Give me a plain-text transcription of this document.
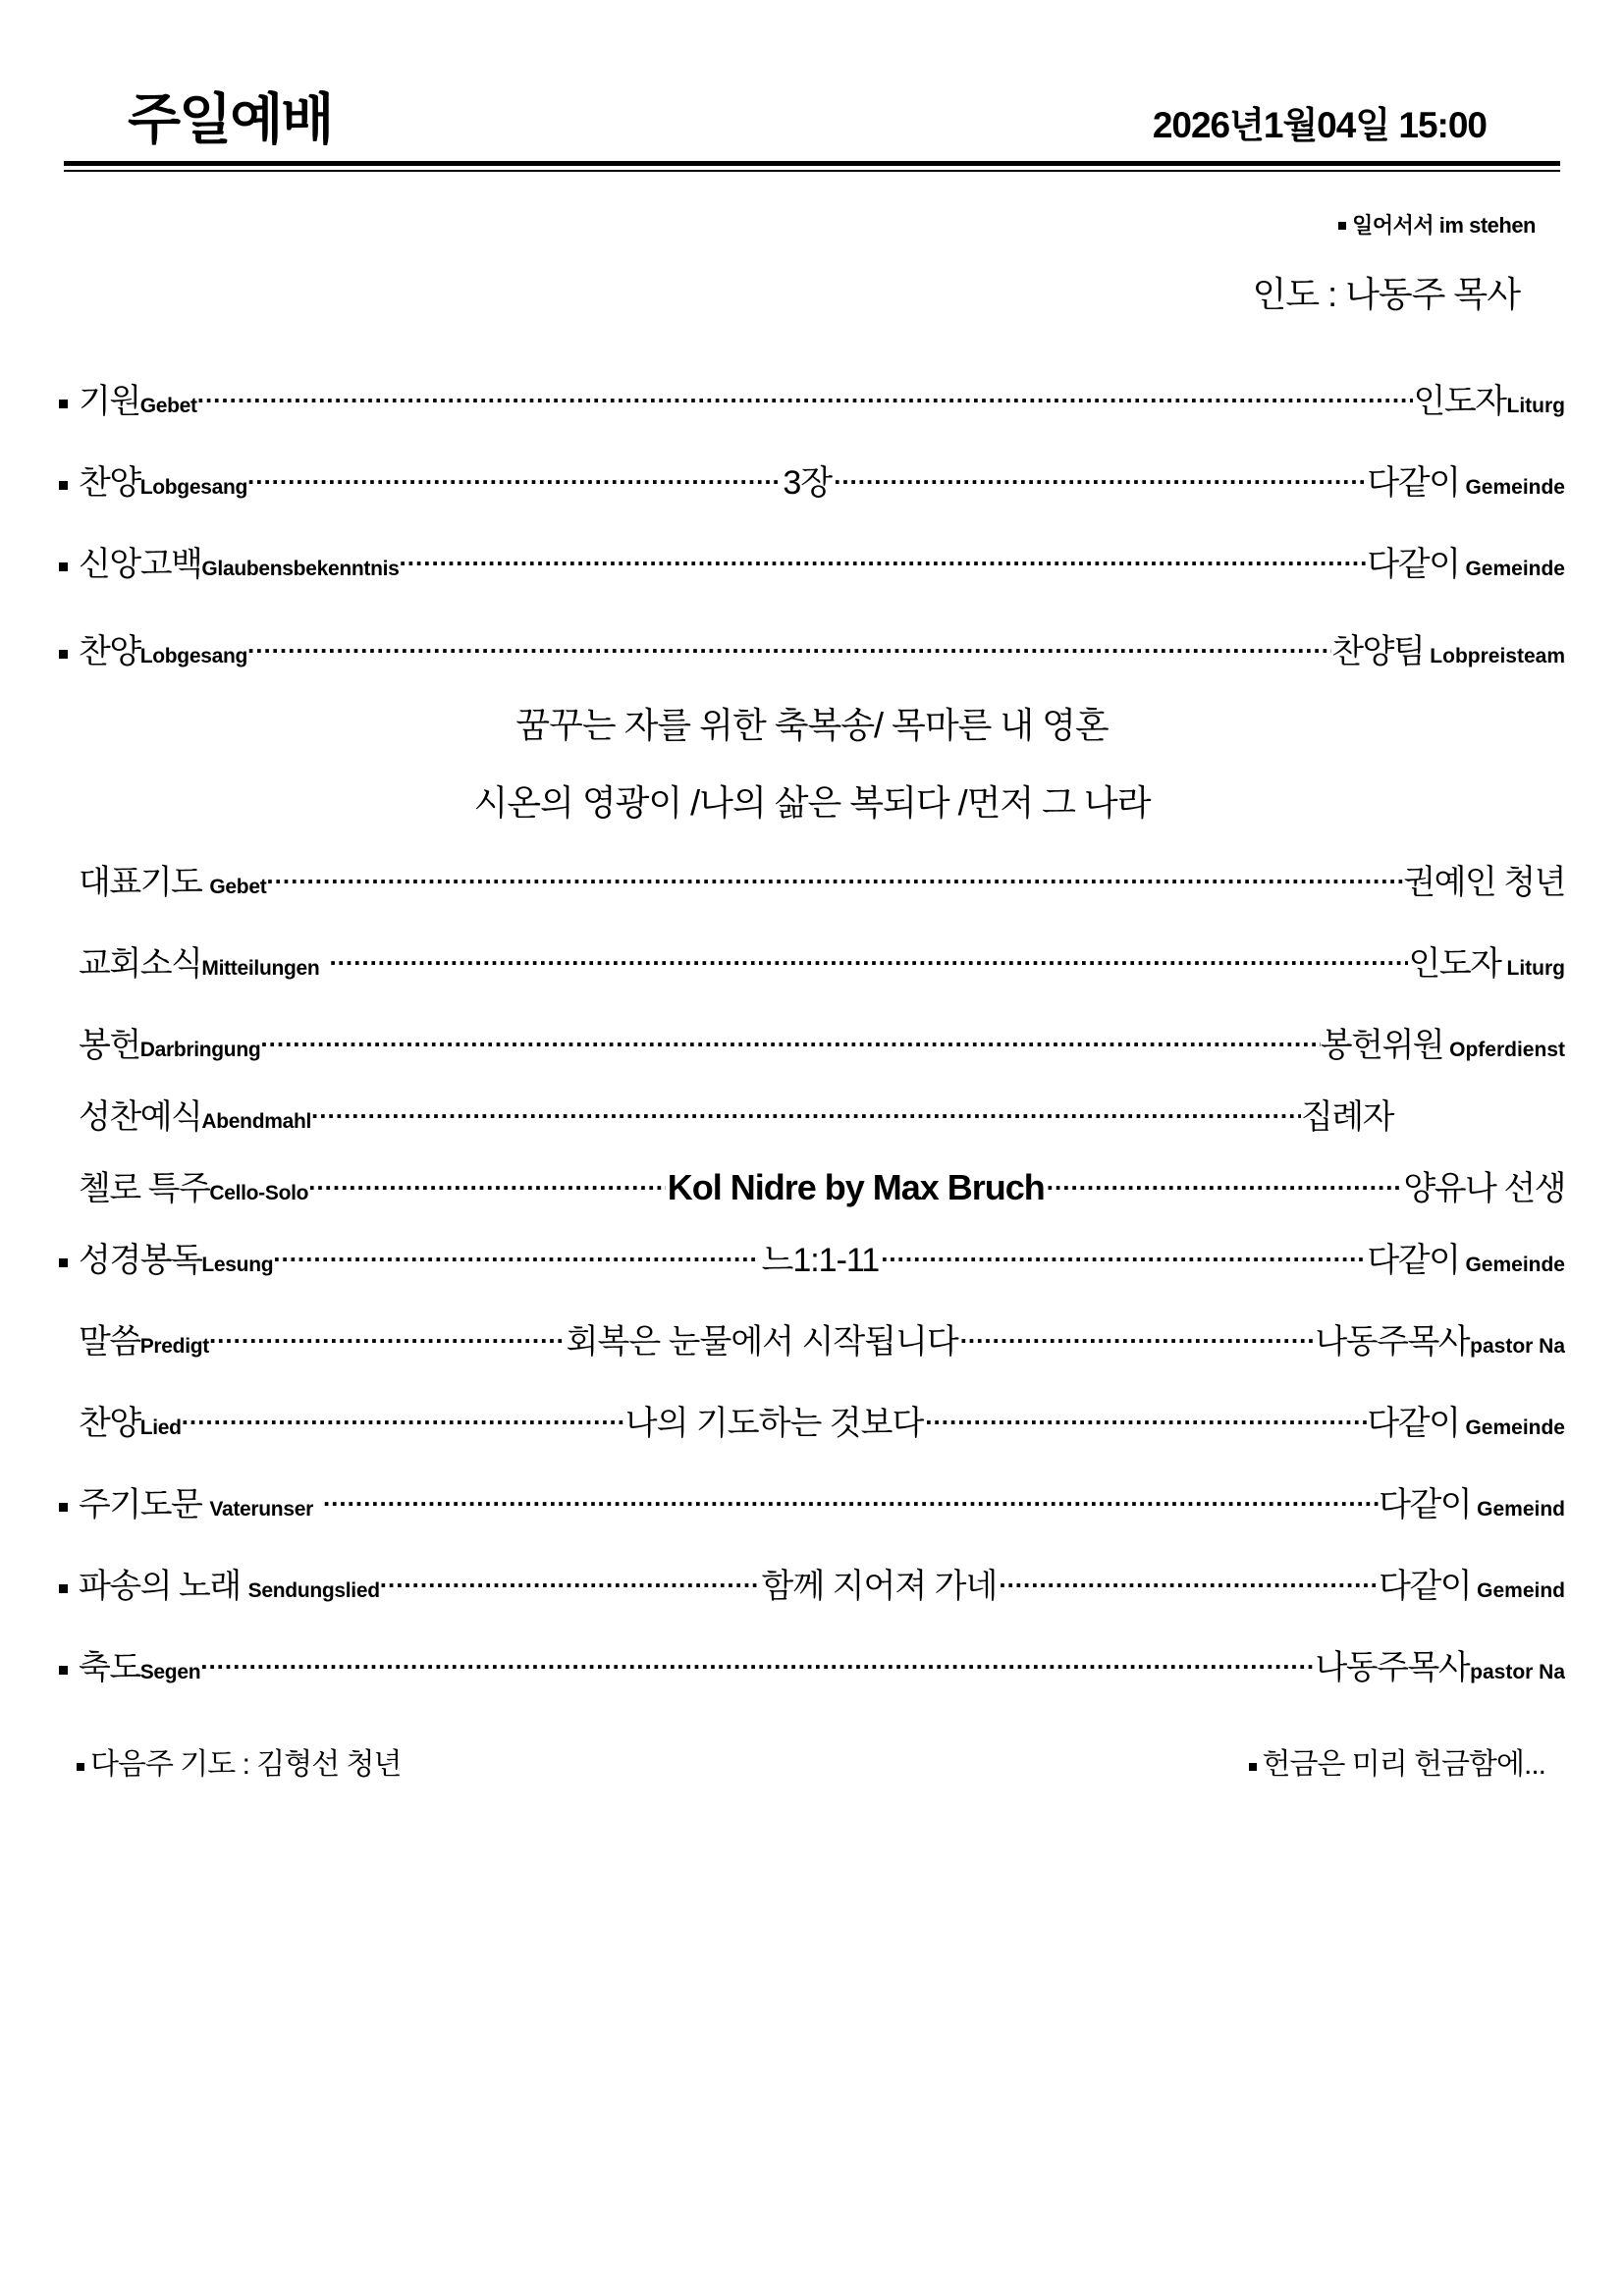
주일예배	2026년1월04일 15:00
일어서서 im stehen
인도 : 나동주 목사
기원 Gebet .....	인도자 Liturg
찬양 Lobgesang .....	3장 .....	다같이 Gemeinde
신앙고백 Glaubensbekenntnis .....	다같이 Gemeinde
찬양 Lobgesang .....	찬양팀 Lobpreisteam
꿈꾸는 자를 위한 축복송/ 목마른 내 영혼
시온의 영광이 /나의 삶은 복되다 /먼저 그 나라
대표기도 Gebet .....	권예인 청년
교회소식 Mitteilungen .....	인도자 Liturg
봉헌 Darbringung .....	봉헌위원 Opferdienst
성찬예식 Abendmahl .....	집례자
첼로 특주 Cello-Solo .....	Kol Nidre by Max Bruch .....	양유나 선생
성경봉독 Lesung .....	느1:1-11 .....	다같이 Gemeinde
말씀 Predigt .....	회복은 눈물에서 시작됩니다 .....	나동주목사 pastor Na
찬양 Lied .....	나의 기도하는 것보다 .....	다같이 Gemeinde
주기도문 Vaterunser .....	다같이 Gemeind
파송의 노래 Sendungslied .....	함께 지어져 가네 .....	다같이 Gemeind
축도 Segen .....	나동주목사 pastor Na
다음주 기도 : 김형선 청년	헌금은 미리 헌금함에...
